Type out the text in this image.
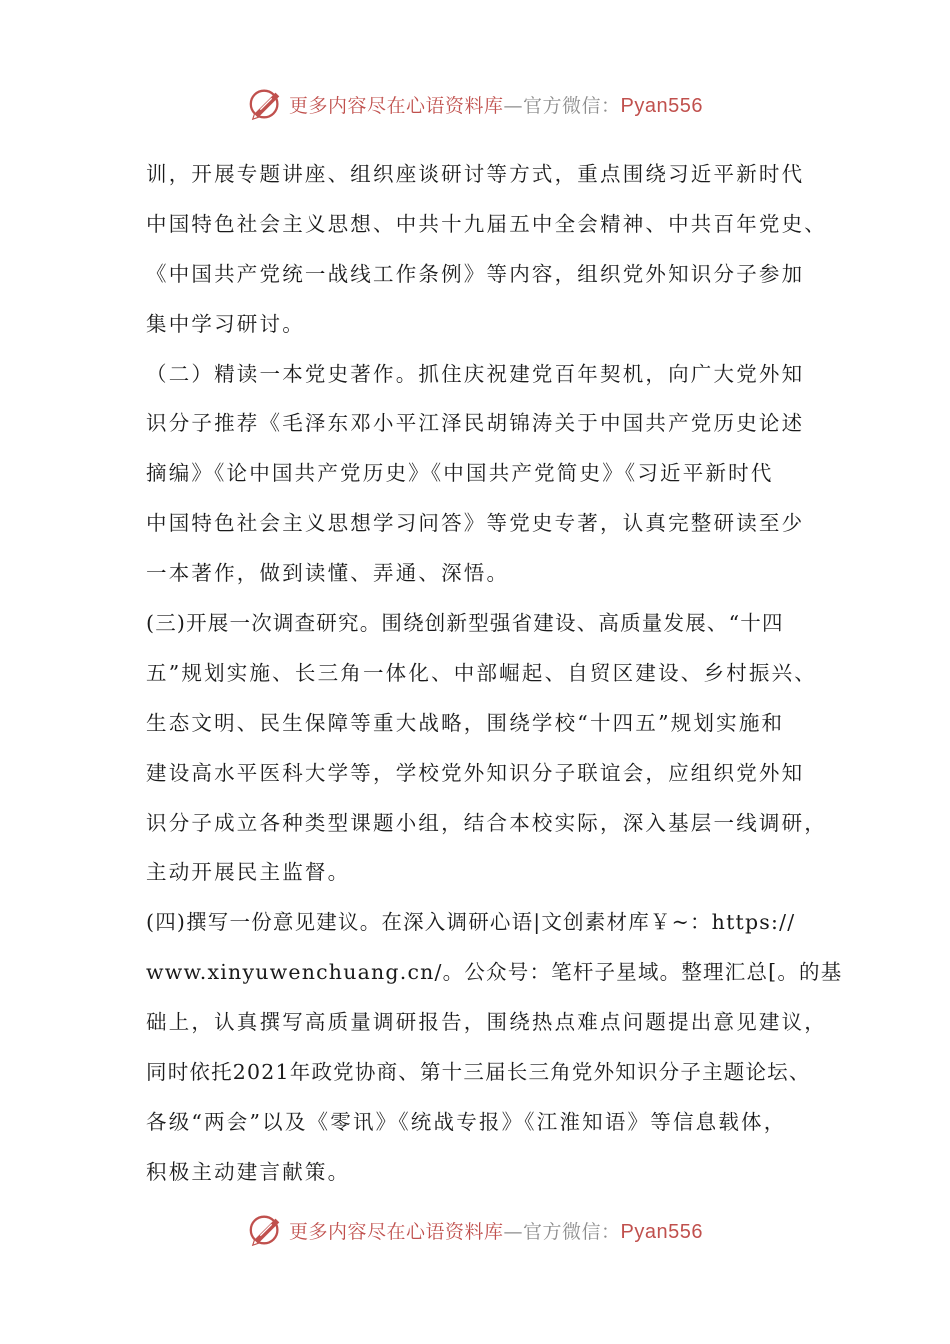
更多内容尽在心语资料库 — 官方微信： Pyan556
训，开展专题讲座、组织座谈研讨等方式，重点围绕习近平新时代
中国特色社会主义思想、中共十九届五中全会精神、中共百年党史、
《中国共产党统一战线工作条例》等内容，组织党外知识分子参加
集中学习研讨。
（二）精读一本党史著作。抓住庆祝建党百年契机，向广大党外知
识分子推荐《毛泽东邓小平江泽民胡锦涛关于中国共产党历史论述
摘编》《论中国共产党历史》《中国共产党简史》《习近平新时代
中国特色社会主义思想学习问答》等党史专著，认真完整研读至少
一本著作，做到读懂、弄通、深悟。
(三)开展一次调查研究。围绕创新型强省建设、高质量发展、“十四
五”规划实施、长三角一体化、中部崛起、自贸区建设、乡村振兴、
生态文明、民生保障等重大战略，围绕学校“十四五”规划实施和
建设高水平医科大学等，学校党外知识分子联谊会，应组织党外知
识分子成立各种类型课题小组，结合本校实际，深入基层一线调研，
主动开展民主监督。
(四)撰写一份意见建议。在深入调研心语|文创素材库￥~：https://
www.xinyuwenchuang.cn/。公众号：笔杆子星域。整理汇总[。的基
础上，认真撰写高质量调研报告，围绕热点难点问题提出意见建议，
同时依托2021年政党协商、第十三届长三角党外知识分子主题论坛、
各级“两会”以及《零讯》《统战专报》《江淮知语》等信息载体，
积极主动建言献策。
更多内容尽在心语资料库 — 官方微信： Pyan556
